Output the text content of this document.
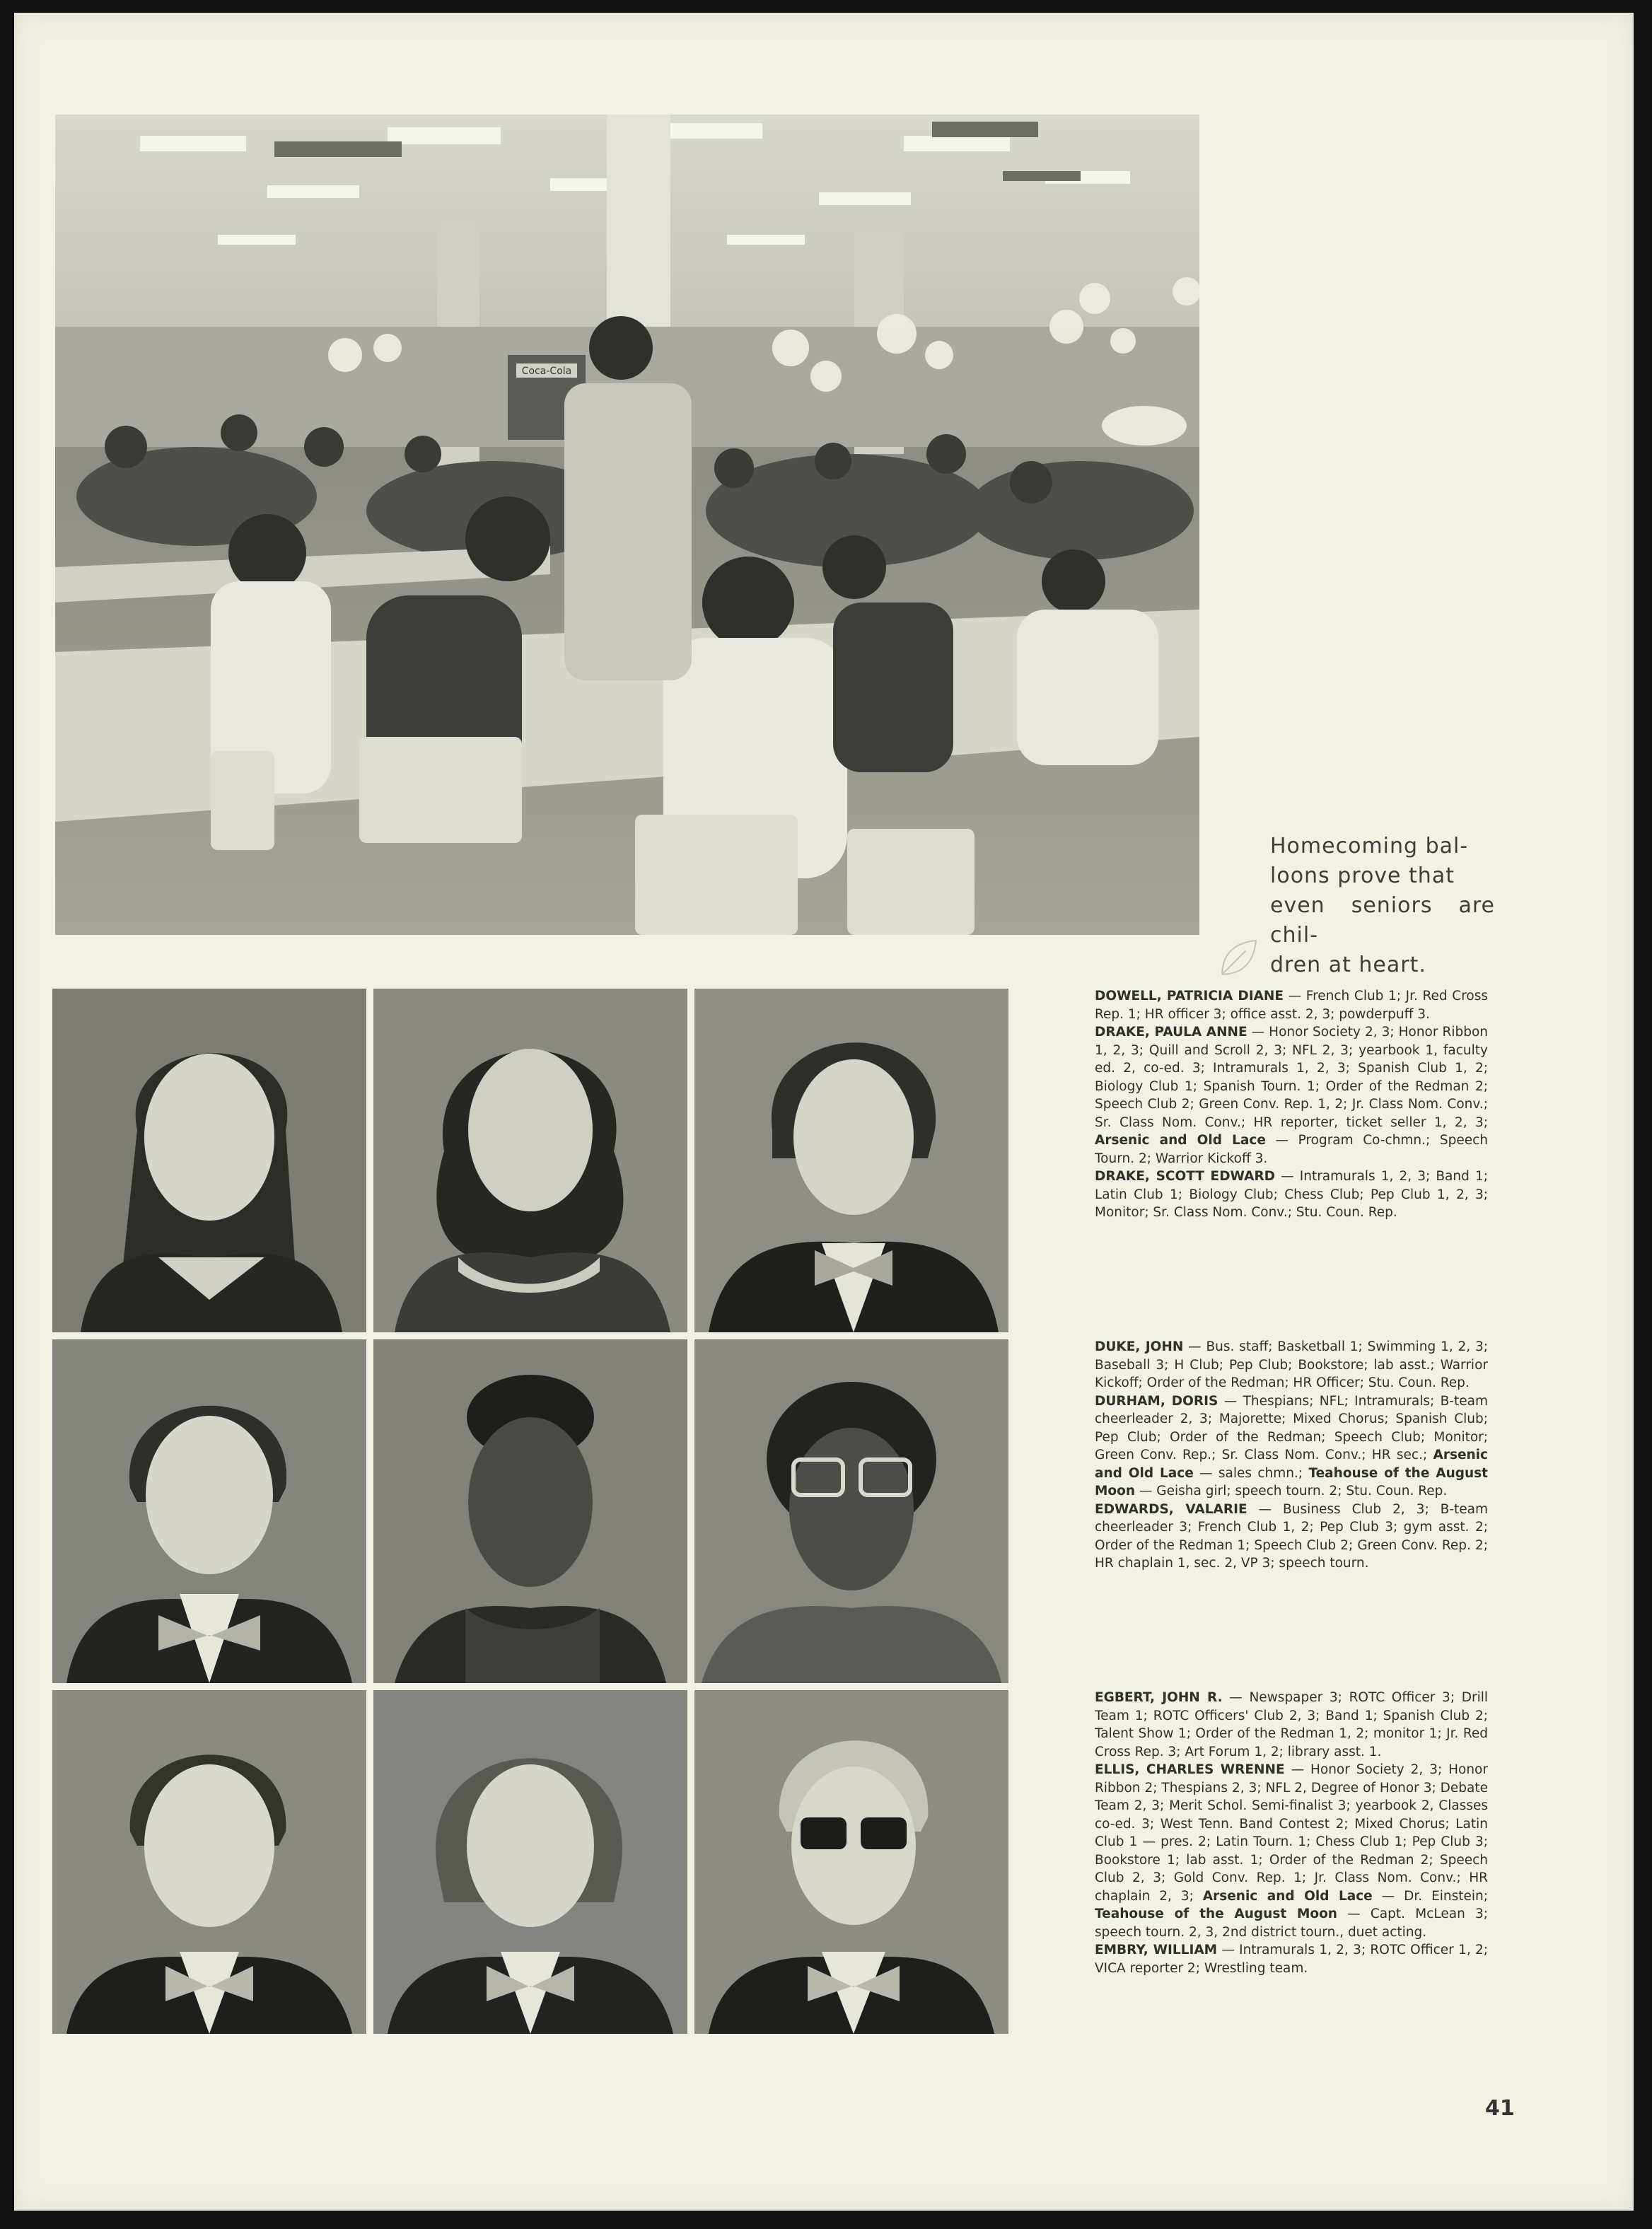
Coca-Cola
Homecoming bal-
loons prove that
even seniors are chil-
dren at heart.

DOWELL, PATRICIA DIANE — French Club 1; Jr. Red Cross Rep. 1; HR officer 3; office asst. 2, 3; powderpuff 3.

DRAKE, PAULA ANNE — Honor Society 2, 3; Honor Ribbon 1, 2, 3; Quill and Scroll 2, 3; NFL 2, 3; yearbook 1, faculty ed. 2, co-ed. 3; Intramurals 1, 2, 3; Spanish Club 1, 2; Biology Club 1; Spanish Tourn. 1; Order of the Redman 2; Speech Club 2; Green Conv. Rep. 1, 2; Jr. Class Nom. Conv.; Sr. Class Nom. Conv.; HR reporter, ticket seller 1, 2, 3; Arsenic and Old Lace — Program Co-chmn.; Speech Tourn. 2; Warrior Kickoff 3.

DRAKE, SCOTT EDWARD — Intramurals 1, 2, 3; Band 1; Latin Club 1; Biology Club; Chess Club; Pep Club 1, 2, 3; Monitor; Sr. Class Nom. Conv.; Stu. Coun. Rep.

DUKE, JOHN — Bus. staff; Basketball 1; Swimming 1, 2, 3; Baseball 3; H Club; Pep Club; Bookstore; lab asst.; Warrior Kickoff; Order of the Redman; HR Officer; Stu. Coun. Rep.

DURHAM, DORIS — Thespians; NFL; Intramurals; B-team cheerleader 2, 3; Majorette; Mixed Chorus; Spanish Club; Pep Club; Order of the Redman; Speech Club; Monitor; Green Conv. Rep.; Sr. Class Nom. Conv.; HR sec.; Arsenic and Old Lace — sales chmn.; Teahouse of the August Moon — Geisha girl; speech tourn. 2; Stu. Coun. Rep.

EDWARDS, VALARIE — Business Club 2, 3; B-team cheerleader 3; French Club 1, 2; Pep Club 3; gym asst. 2; Order of the Redman 1; Speech Club 2; Green Conv. Rep. 2; HR chaplain 1, sec. 2, VP 3; speech tourn.

EGBERT, JOHN R. — Newspaper 3; ROTC Officer 3; Drill Team 1; ROTC Officers' Club 2, 3; Band 1; Spanish Club 2; Talent Show 1; Order of the Redman 1, 2; monitor 1; Jr. Red Cross Rep. 3; Art Forum 1, 2; library asst. 1.

ELLIS, CHARLES WRENNE — Honor Society 2, 3; Honor Ribbon 2; Thespians 2, 3; NFL 2, Degree of Honor 3; Debate Team 2, 3; Merit Schol. Semi-finalist 3; yearbook 2, Classes co-ed. 3; West Tenn. Band Contest 2; Mixed Chorus; Latin Club 1 — pres. 2; Latin Tourn. 1; Chess Club 1; Pep Club 3; Bookstore 1; lab asst. 1; Order of the Redman 2; Speech Club 2, 3; Gold Conv. Rep. 1; Jr. Class Nom. Conv.; HR chaplain 2, 3; Arsenic and Old Lace — Dr. Einstein; Teahouse of the August Moon — Capt. McLean 3; speech tourn. 2, 3, 2nd district tourn., duet acting.

EMBRY, WILLIAM — Intramurals 1, 2, 3; ROTC Officer 1, 2; VICA reporter 2; Wrestling team.

41
